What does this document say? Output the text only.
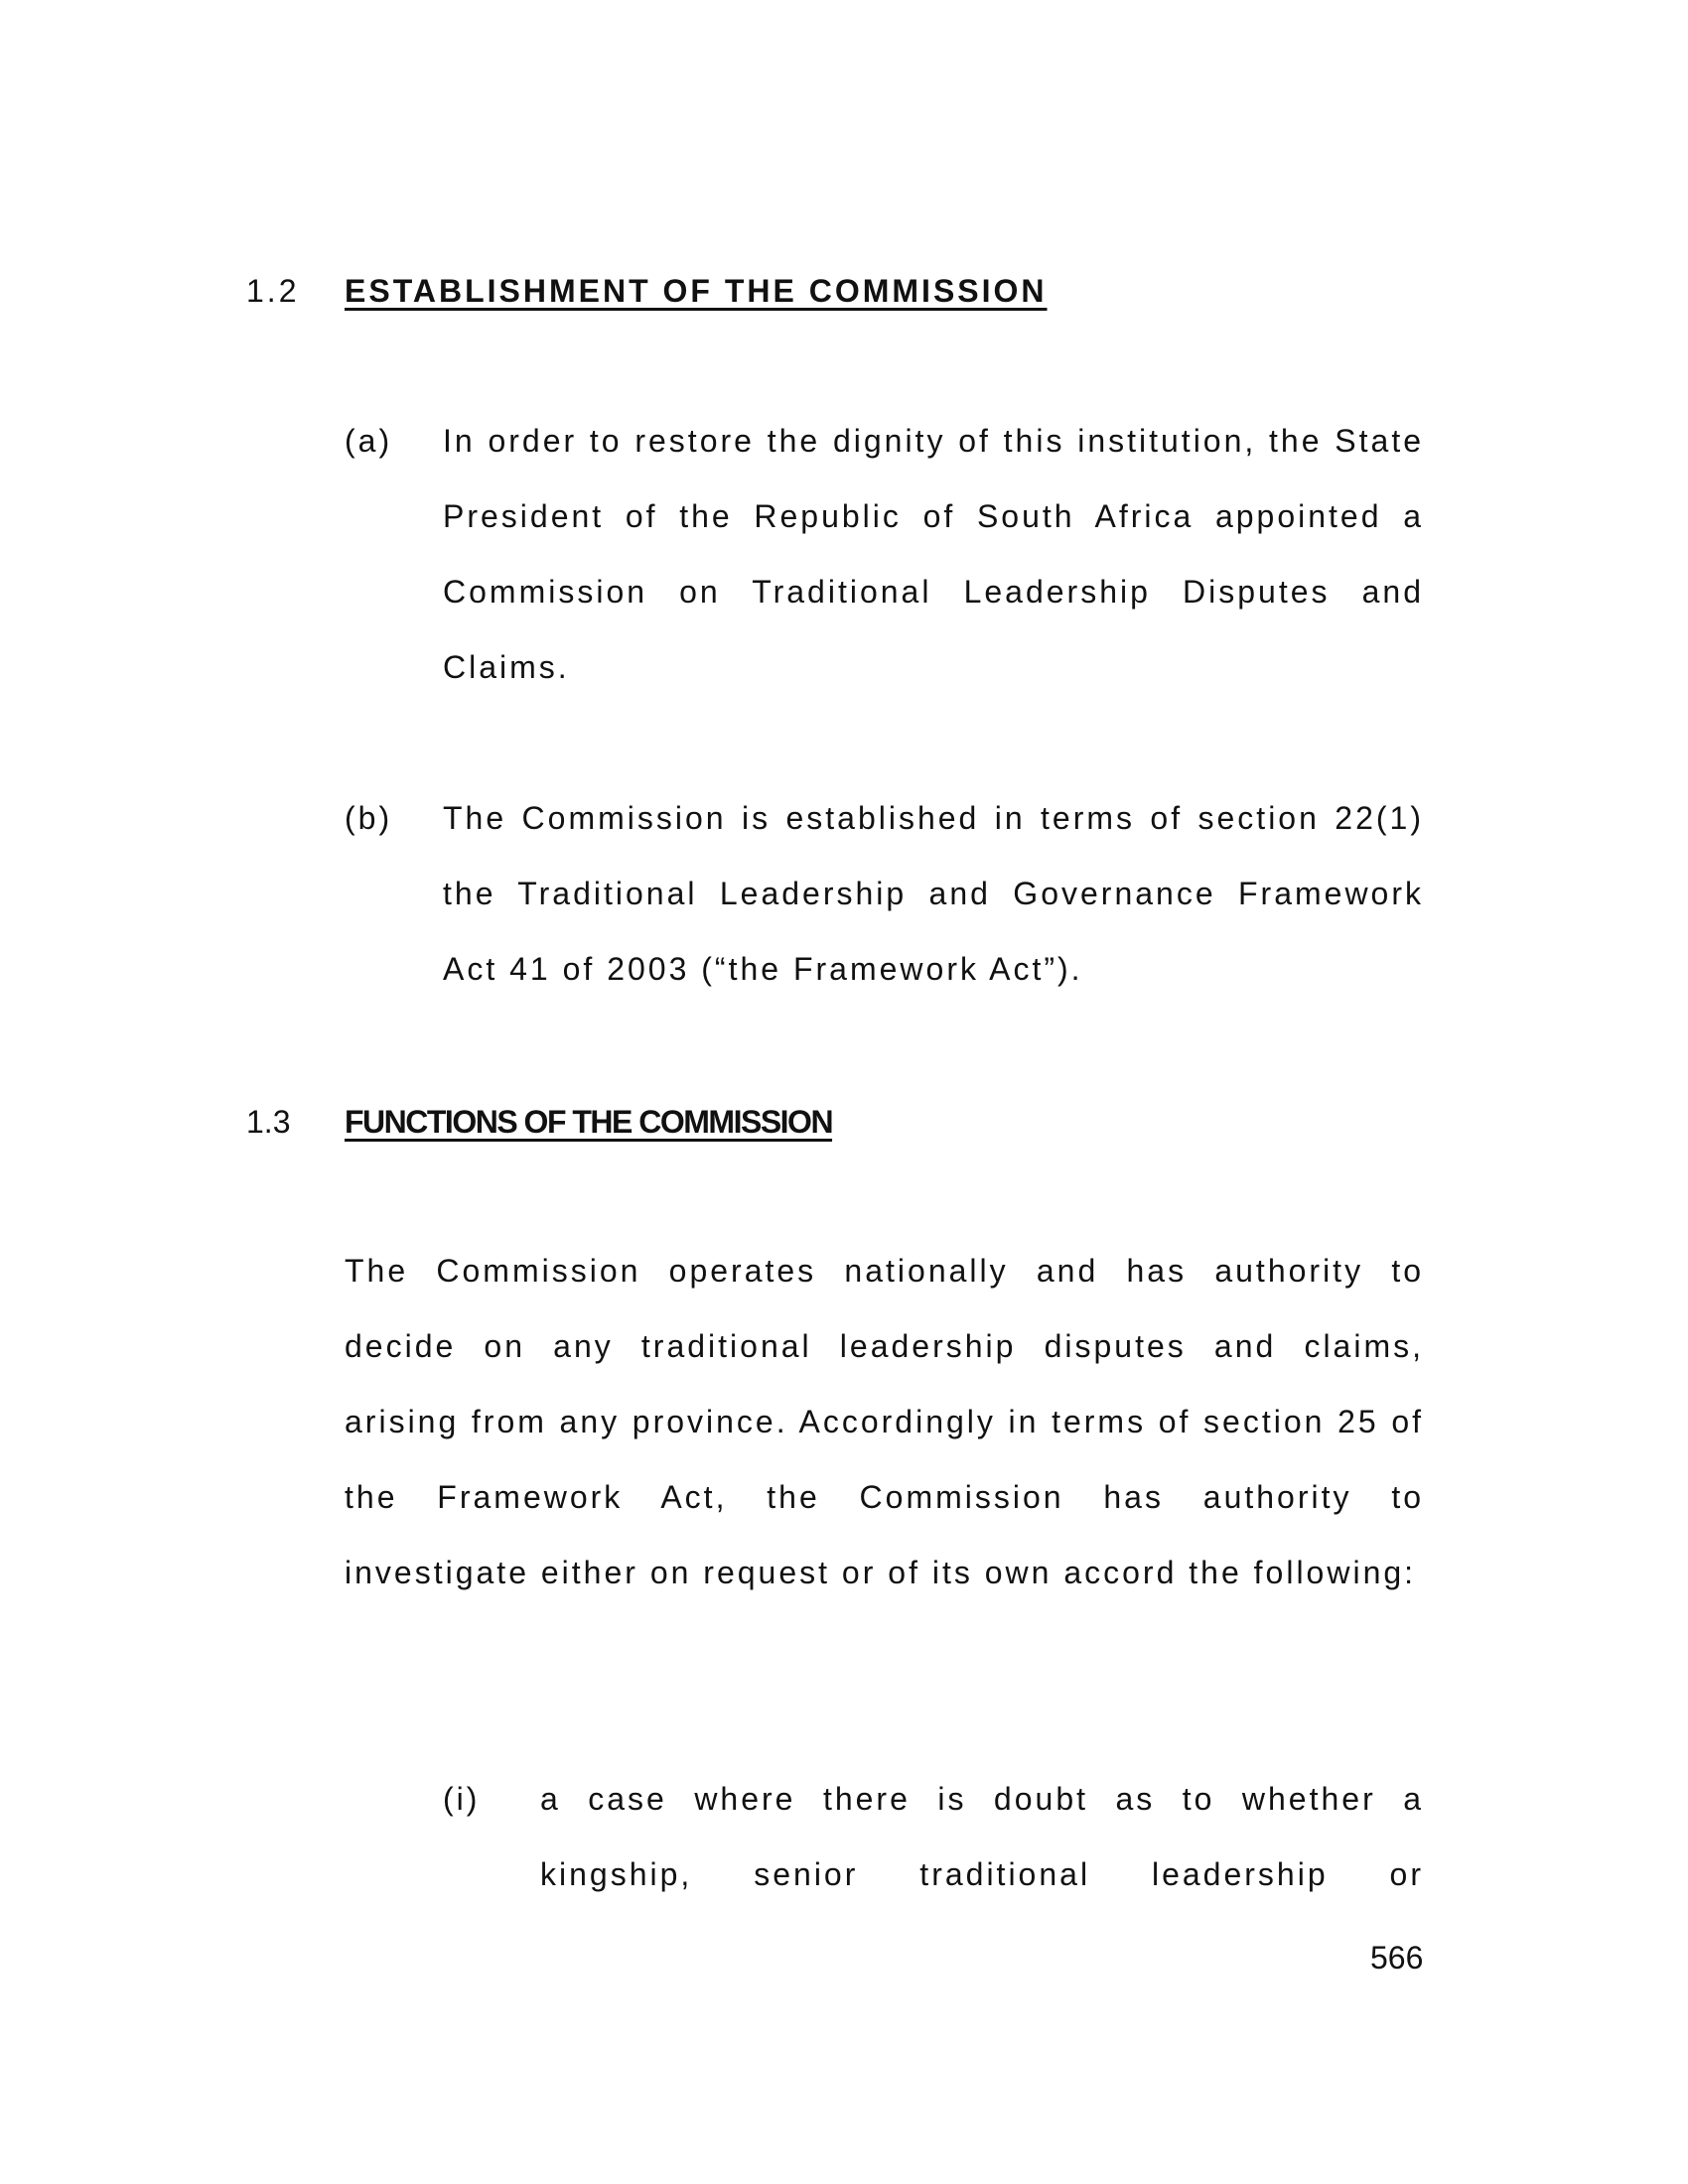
1.2 ESTABLISHMENT OF THE COMMISSION
(a) In order to restore the dignity of this institution, the State President of the Republic of South Africa appointed a Commission on Traditional Leadership Disputes and Claims.
(b) The Commission is established in terms of section 22(1) the Traditional Leadership and Governance Framework Act 41 of 2003 (“the Framework Act”).
1.3 FUNCTIONS OF THE COMMISSION
The Commission operates nationally and has authority to decide on any traditional leadership disputes and claims, arising from any province. Accordingly in terms of section 25 of the Framework Act, the Commission has authority to investigate either on request or of its own accord the following:
(i) a case where there is doubt as to whether a kingship, senior traditional leadership or
566
